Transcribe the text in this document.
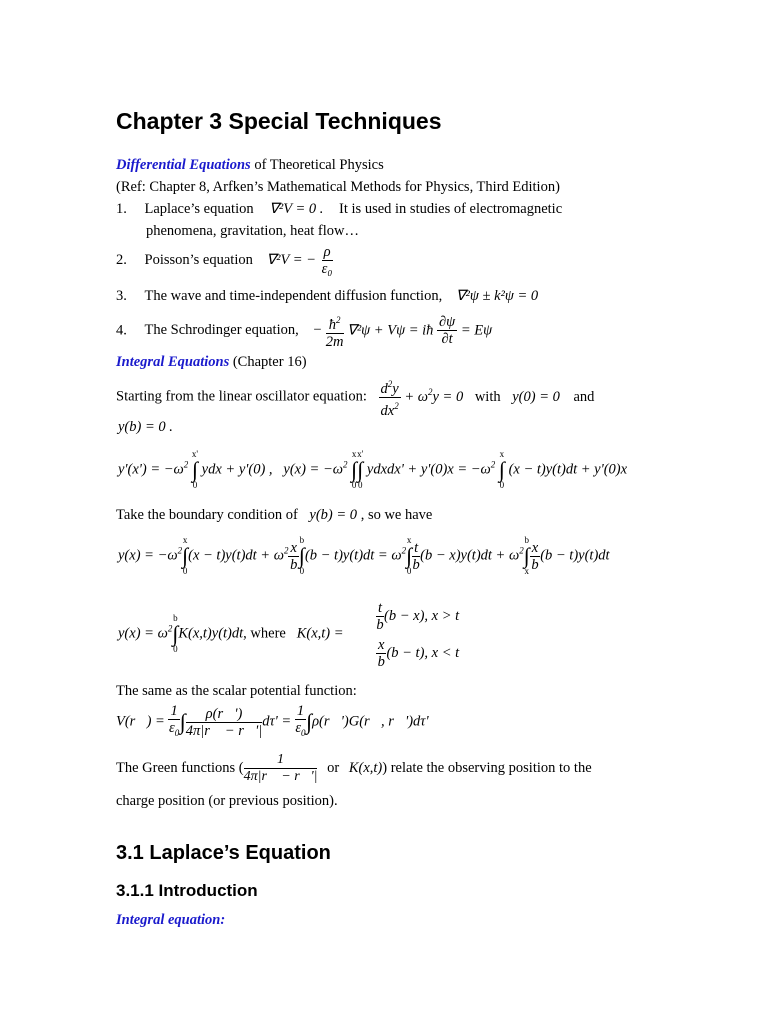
Chapter 3 Special Techniques
Differential Equations of Theoretical Physics
(Ref: Chapter 8, Arfken’s Mathematical Methods for Physics, Third Edition)
1. Laplace’s equation ∇²V = 0 . It is used in studies of electromagnetic
phenomena, gravitation, heat flow…
2. Poisson’s equation ∇²V = − $\frac{\rho}{\text{ε₀}}$
3. The wave and time-independent diffusion function, ∇²ψ ± k²ψ = 0
4. The Schrodinger equation, − $\frac{ħ^2}{2m} \nabla^2\psi + V\psi$ = iħ $\frac{\partial\psi}{\partial t} = E\psi$
Integral Equations (Chapter 16)
Starting from the linear oscillator equation: $\frac{d^2y}{dx^2} + \omega^2y = 0$ with y(0) = 0 and
y(b) = 0 .
$y'(x') = -\omega^2$
x'
∫
0
ydx + y'(0) ,   $y(x) = -\omega^2$
x
∫
0
x'
∫
0
ydxdx' + $y'(0)x = -\omega^2$
x
∫
0
(x − t)y(t)dt + y'(0)x
Take the boundary condition of y(b) = 0 , so we have
$y(x) = -\omega^2$
x
∫
0
$(x - t)y(t)dt + \omega^2 \frac{x}{b}$ b
∫
0
$(b - t)y(t)dt = \omega^2$
x
∫
$0 \frac{t}{b} (b - x)y(t)dt + \omega^2$
b
∫
x $\frac{x}{b} (b - t)y(t)dt$
$y(x) = \omega^2$
b
∫
0
K(x,t)y(t)dt, where   K(x,t) =
$\frac{t}{b} (b - x)$, x > t
$\frac{x}{b} (b - t)$, x < t
The same as the scalar potential function:
V(r⃗) = $\frac{1}{\varepsilon_0}$
∫
$\frac{\rho(r⃗')}{4\pi|r⃗ - r⃗'|} d\tau' = \frac{1}{\varepsilon_0}$
∫
ρ(r⃗')G(r⃗, r⃗')dτ'
The Green functions ( $\frac{1}{4\pi|r⃗ - r⃗'|}$ or K(x,t)) relate the observing position to the
charge position (or previous position).
3.1 Laplace’s Equation
3.1.1 Introduction
Integral equation:
